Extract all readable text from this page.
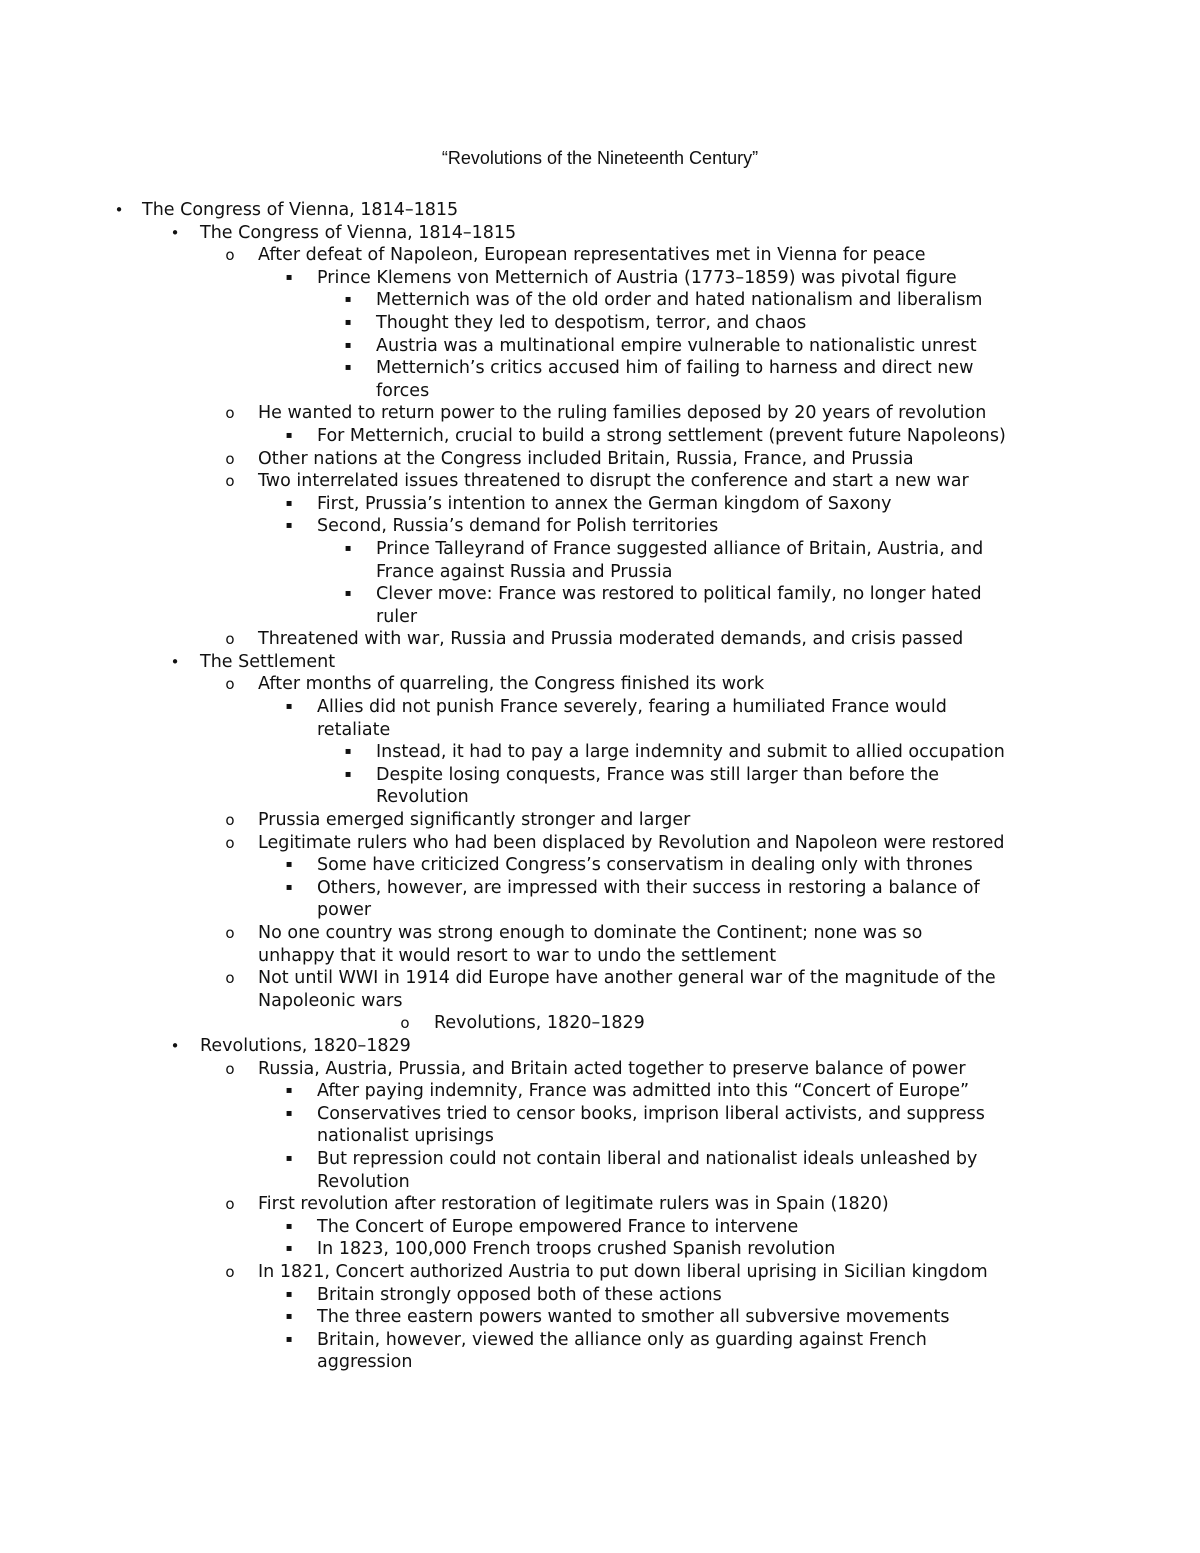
“Revolutions of the Nineteenth Century”
• The Congress of Vienna, 1814–1815
• The Congress of Vienna, 1814–1815
o After defeat of Napoleon, European representatives met in Vienna for peace
▪ Prince Klemens von Metternich of Austria (1773–1859) was pivotal figure
▪ Metternich was of the old order and hated nationalism and liberalism
▪ Thought they led to despotism, terror, and chaos
▪ Austria was a multinational empire vulnerable to nationalistic unrest
▪ Metternich’s critics accused him of failing to harness and direct new
forces
o He wanted to return power to the ruling families deposed by 20 years of revolution
▪ For Metternich, crucial to build a strong settlement (prevent future Napoleons)
o Other nations at the Congress included Britain, Russia, France, and Prussia
o Two interrelated issues threatened to disrupt the conference and start a new war
▪ First, Prussia’s intention to annex the German kingdom of Saxony
▪ Second, Russia’s demand for Polish territories
▪ Prince Talleyrand of France suggested alliance of Britain, Austria, and
France against Russia and Prussia
▪ Clever move: France was restored to political family, no longer hated
ruler
o Threatened with war, Russia and Prussia moderated demands, and crisis passed
• The Settlement
o After months of quarreling, the Congress finished its work
▪ Allies did not punish France severely, fearing a humiliated France would
retaliate
▪ Instead, it had to pay a large indemnity and submit to allied occupation
▪ Despite losing conquests, France was still larger than before the
Revolution
o Prussia emerged significantly stronger and larger
o Legitimate rulers who had been displaced by Revolution and Napoleon were restored
▪ Some have criticized Congress’s conservatism in dealing only with thrones
▪ Others, however, are impressed with their success in restoring a balance of
power
o No one country was strong enough to dominate the Continent; none was so
unhappy that it would resort to war to undo the settlement
o Not until WWI in 1914 did Europe have another general war of the magnitude of the
Napoleonic wars
o Revolutions, 1820–1829
• Revolutions, 1820–1829
o Russia, Austria, Prussia, and Britain acted together to preserve balance of power
▪ After paying indemnity, France was admitted into this “Concert of Europe”
▪ Conservatives tried to censor books, imprison liberal activists, and suppress
nationalist uprisings
▪ But repression could not contain liberal and nationalist ideals unleashed by
Revolution
o First revolution after restoration of legitimate rulers was in Spain (1820)
▪ The Concert of Europe empowered France to intervene
▪ In 1823, 100,000 French troops crushed Spanish revolution
o In 1821, Concert authorized Austria to put down liberal uprising in Sicilian kingdom
▪ Britain strongly opposed both of these actions
▪ The three eastern powers wanted to smother all subversive movements
▪ Britain, however, viewed the alliance only as guarding against French
aggression
